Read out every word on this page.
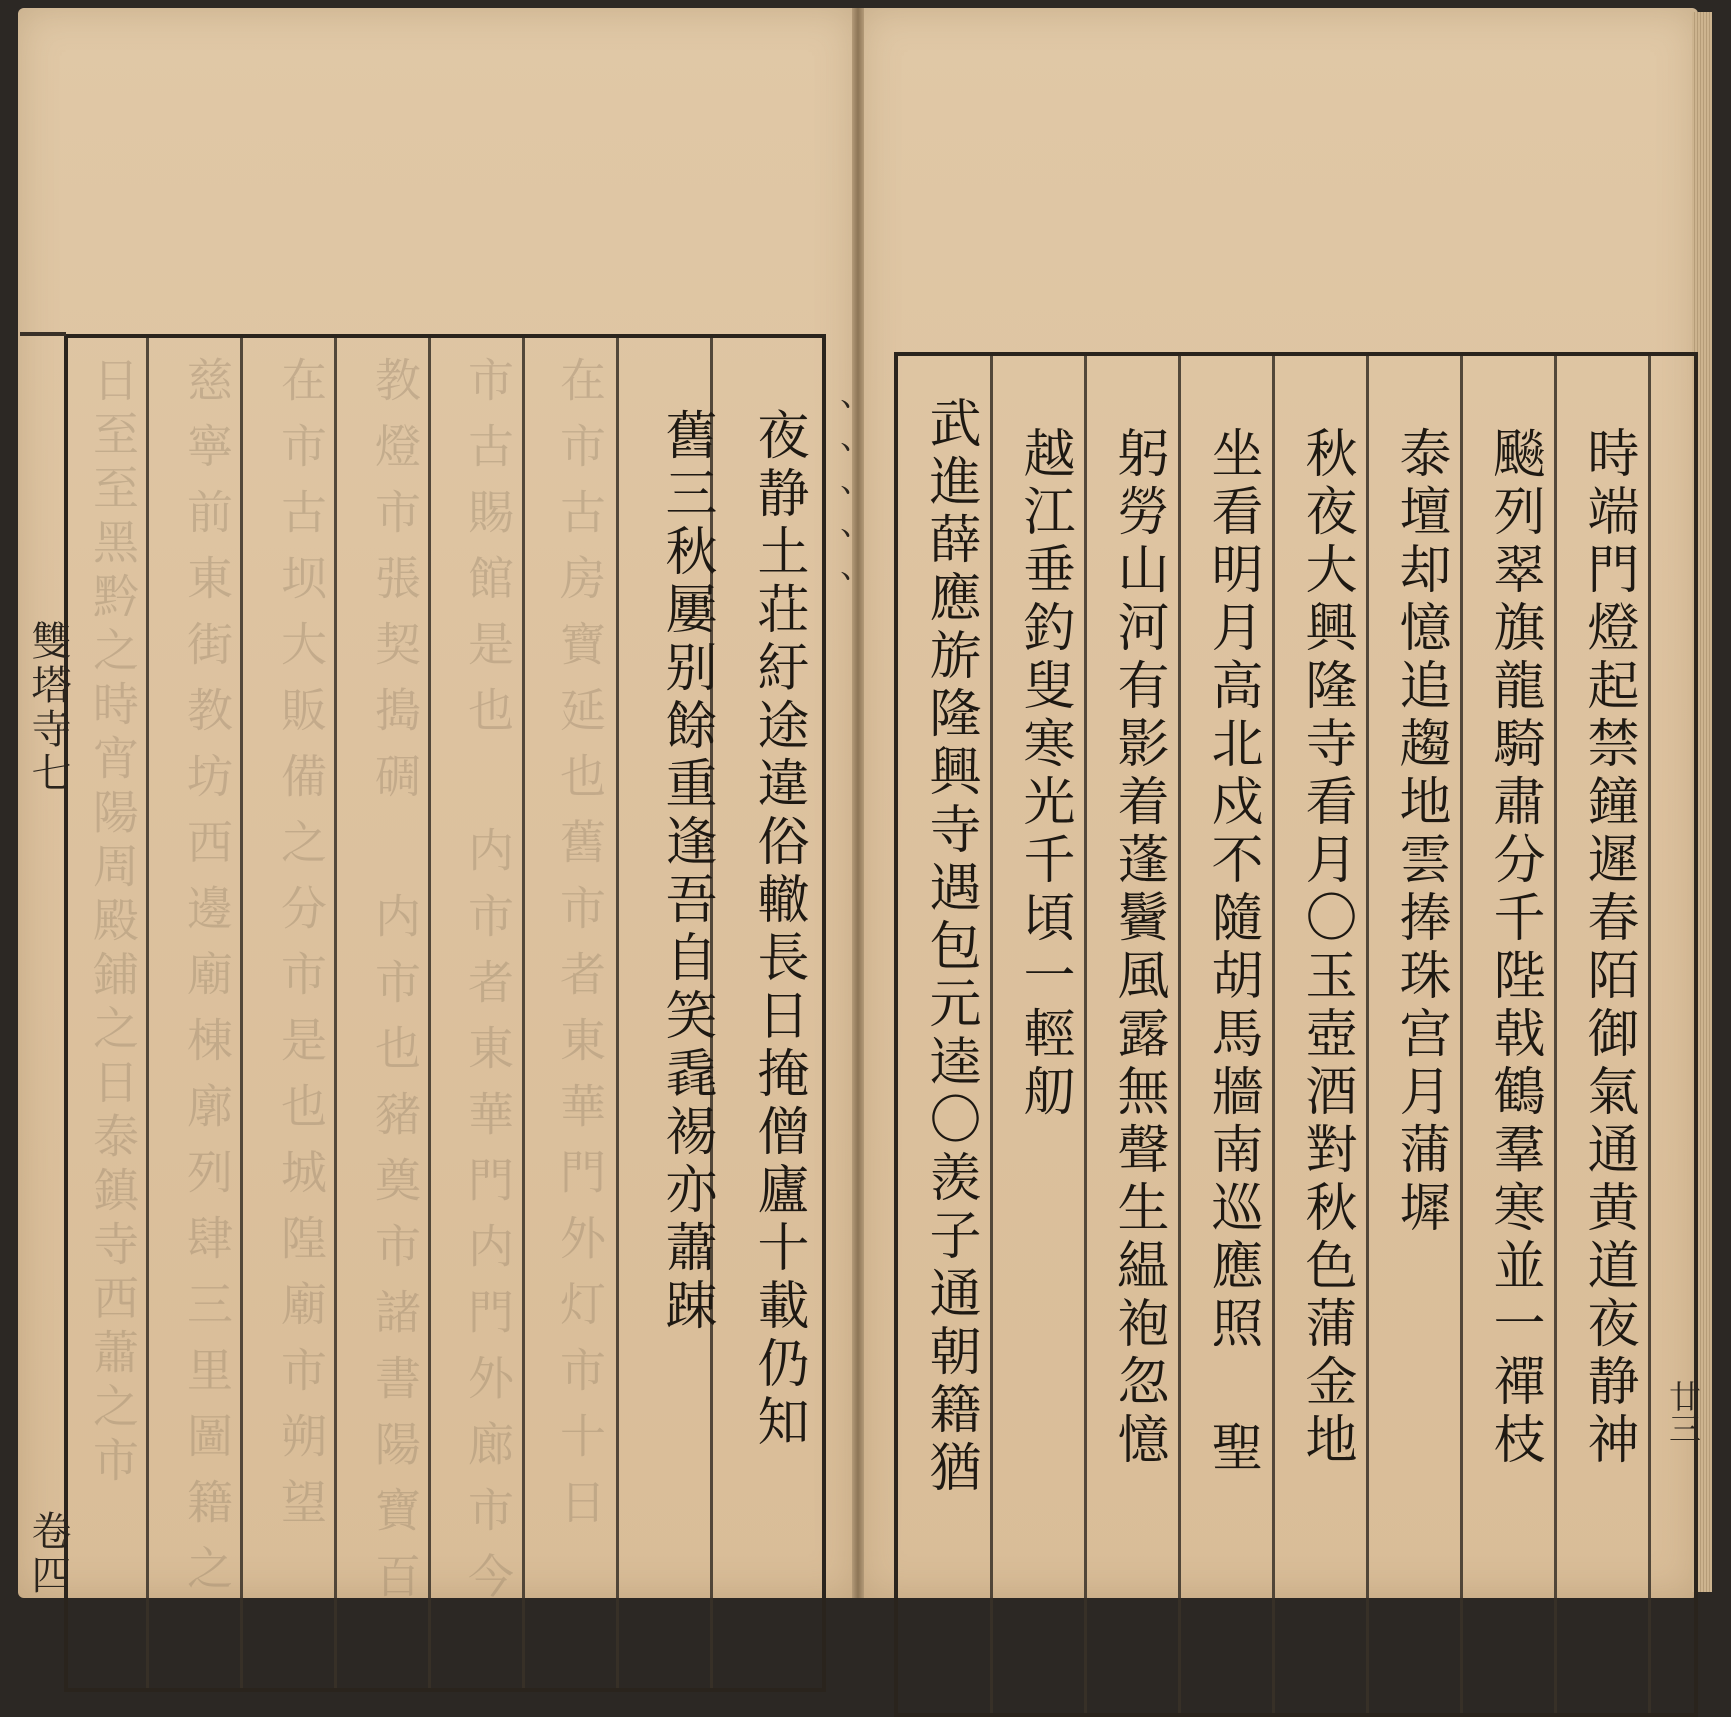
在市古房寶延也舊市者東華門外灯市十日
市古賜館是也 内市者東華門内門外廊市今
教燈市張契搗碉 内市也豬奠市諸書陽寶百
在市古坝大販備之分市是也城隍廟市朔望
慈寧前東街教坊西邊廟棟廓列肆三里圖籍之
日至至黑黔之時宵陽周殿鋪之日泰鎮寺西蕭之市	夜静土荘紆途違俗轍長日掩僧廬十載仍知
舊三秋屢别餘重逢吾自笑毳裼亦蕭踈	、、、、、
雙塔寺七
卷四
時端門燈起禁鐘遲春陌御氣通黄道夜静神
飈列翠旗龍騎肅分千陛戟鶴羣寒並一禪枝
泰壇却憶追趨地雲捧珠宫月蒲墀
秋夜大興隆寺看月〇玉壺酒對秋色蒲金地
坐看明月高北戍不隨胡馬牆南巡應照 聖
躬勞山河有影着蓬鬢風露無聲生緼袍忽憶
越江垂釣叟寒光千頃一輕舠
武進薛應旂隆興寺遇包元逵〇羡子通朝籍猶	廿三
